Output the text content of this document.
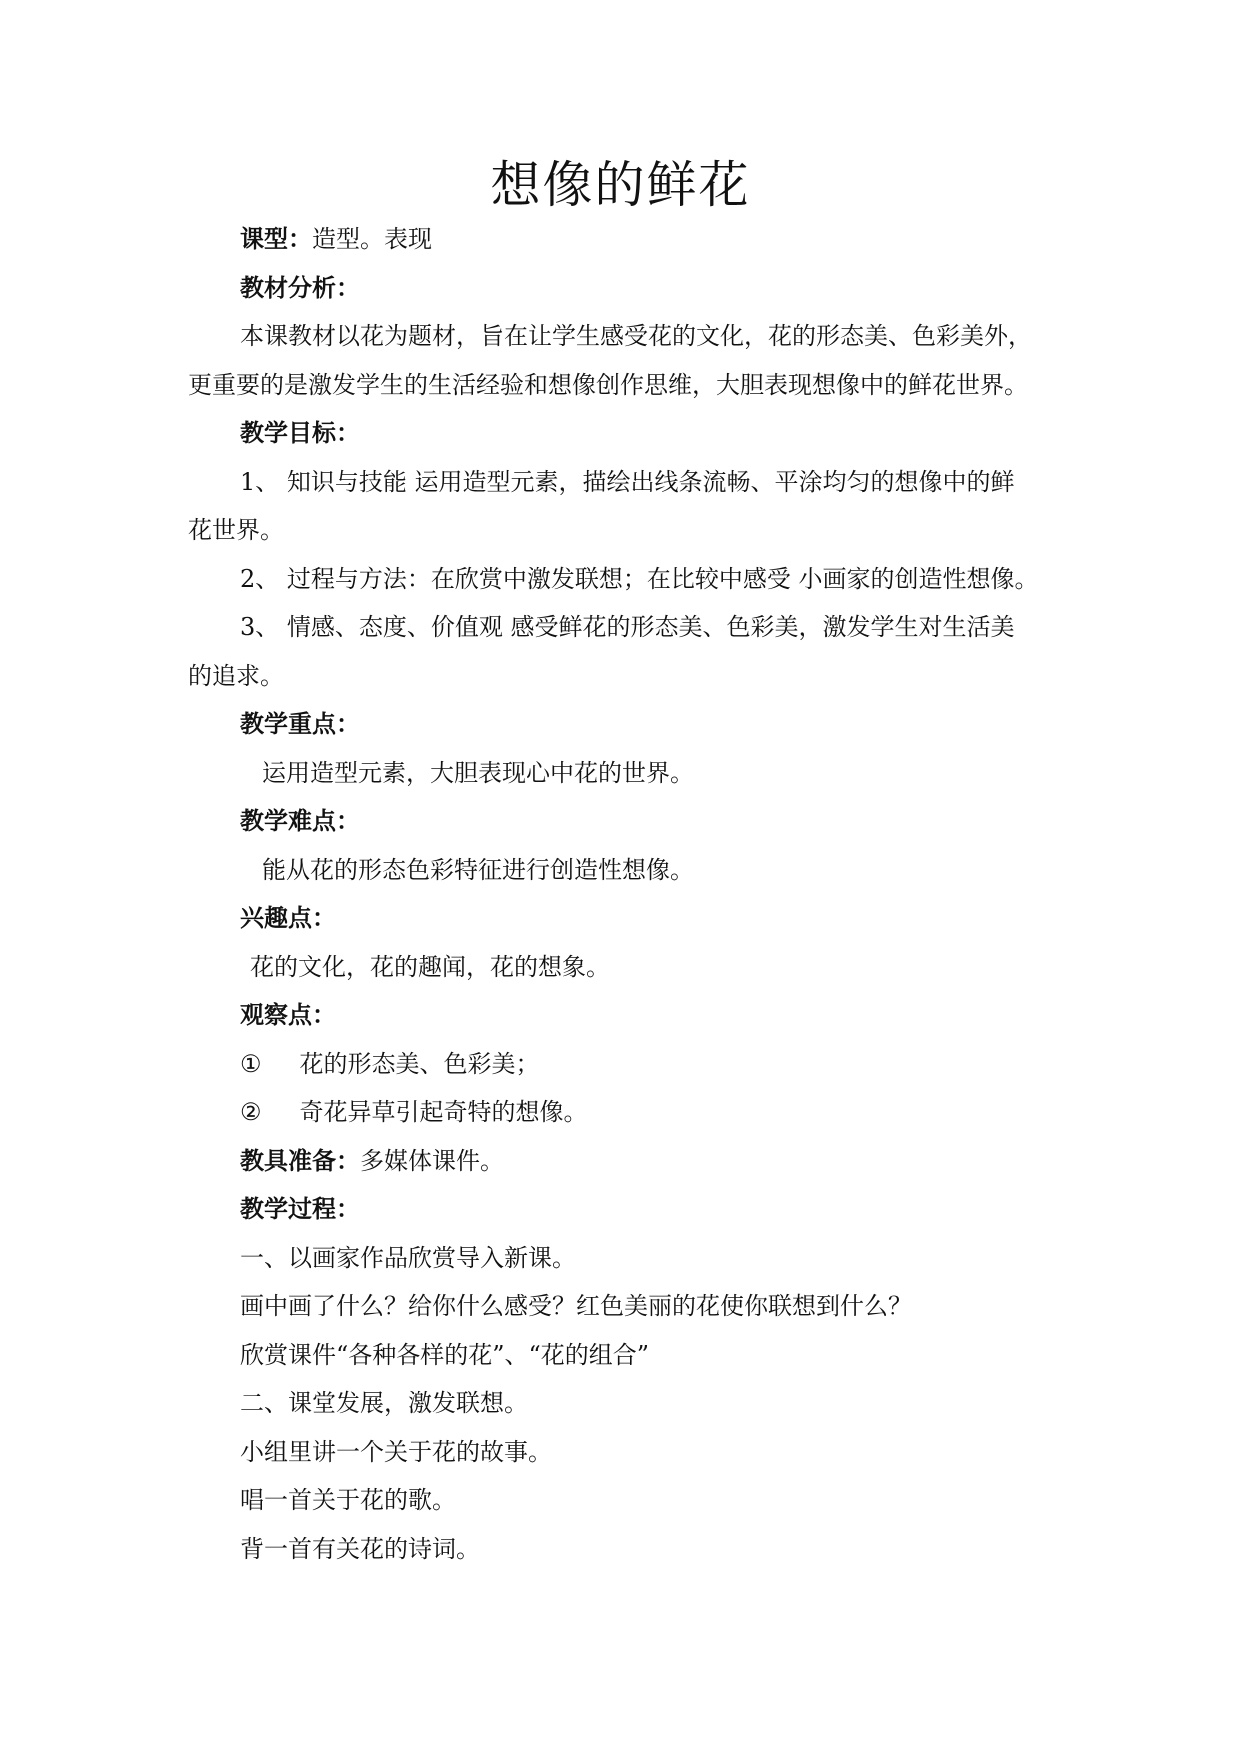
想像的鲜花

课型：造型。表现

教材分析：

本课教材以花为题材，旨在让学生感受花的文化，花的形态美、色彩美外，

更重要的是激发学生的生活经验和想像创作思维，大胆表现想像中的鲜花世界。

教学目标：

1、 知识与技能 运用造型元素，描绘出线条流畅、平涂均匀的想像中的鲜

花世界。

2、 过程与方法：在欣赏中激发联想；在比较中感受 小画家的创造性想像。

3、 情感、态度、价值观 感受鲜花的形态美、色彩美，激发学生对生活美

的追求。

教学重点：

运用造型元素，大胆表现心中花的世界。

教学难点：

能从花的形态色彩特征进行创造性想像。

兴趣点：

花的文化，花的趣闻，花的想象。

观察点：

① 花的形态美、色彩美；

② 奇花异草引起奇特的想像。

教具准备：多媒体课件。

教学过程：

一、以画家作品欣赏导入新课。

画中画了什么？给你什么感受？红色美丽的花使你联想到什么？

欣赏课件“各种各样的花”、“花的组合”

二、课堂发展，激发联想。

小组里讲一个关于花的故事。

唱一首关于花的歌。

背一首有关花的诗词。
